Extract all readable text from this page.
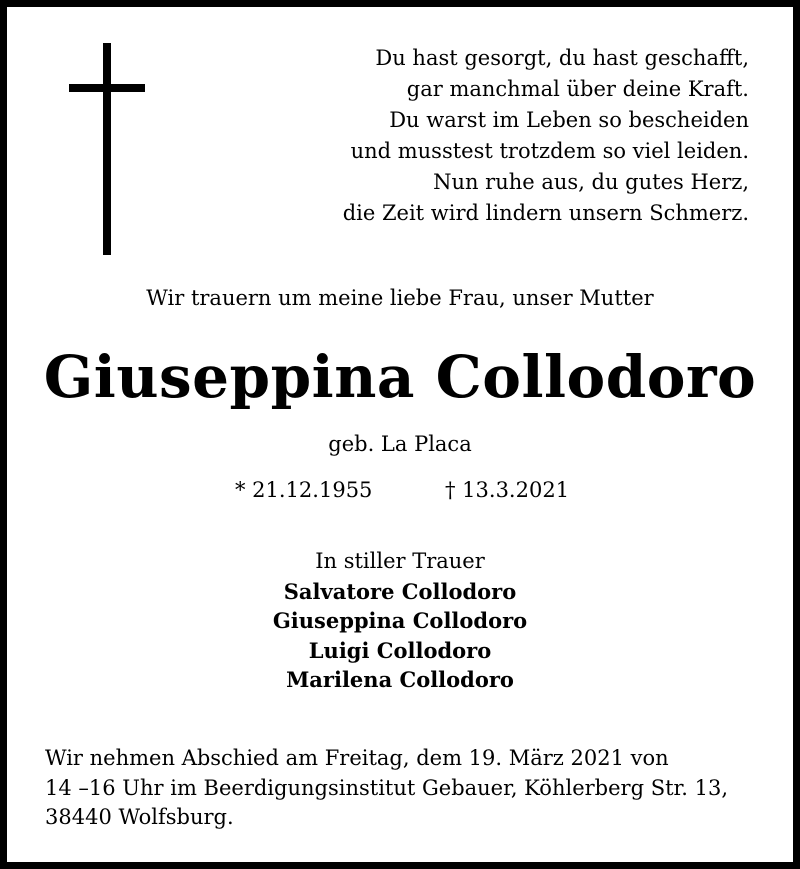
Du hast gesorgt, du hast geschafft,
gar manchmal über deine Kraft.
Du warst im Leben so bescheiden
und musstest trotzdem so viel leiden.
Nun ruhe aus, du gutes Herz,
die Zeit wird lindern unsern Schmerz.
Wir trauern um meine liebe Frau, unser Mutter
Giuseppina Collodoro
geb. La Placa
* 21.12.1955	† 13.3.2021
In stiller Trauer
Salvatore Collodoro
Giuseppina Collodoro
Luigi Collodoro
Marilena Collodoro
Wir nehmen Abschied am Freitag, dem 19. März 2021 von
14 –16 Uhr im Beerdigungsinstitut Gebauer, Köhlerberg Str. 13,
38440 Wolfsburg.
